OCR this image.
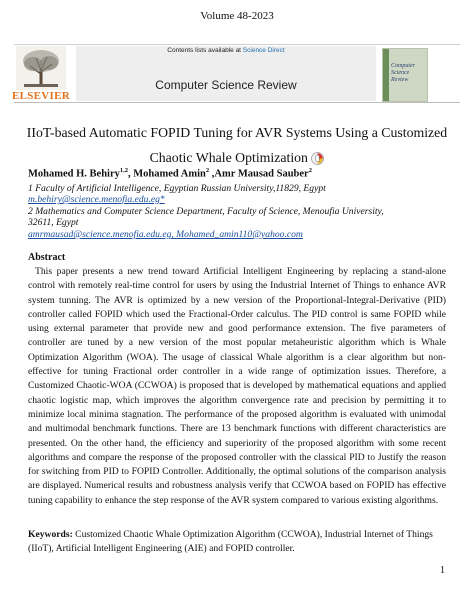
Volume 48-2023
ELSEVIER
Contents lists available at Science Direct
Computer Science Review
Computer
Science
Review
IIoT-based Automatic FOPID Tuning for AVR Systems Using a Customized Chaotic Whale Optimization
Mohamed H. Behiry$^{1,2}$, Mohamed Amin$^2$ ,Amr Mausad Sauber$^2$
1 Faculty of Artificial Intelligence, Egyptian Russian University,11829, Egypt
m.behiry@science.menofia.edu.eg*
2 Mathematics and Computer Science Department, Faculty of Science, Menoufia University,
32611, Egypt
amrmausad@science.menofia.edu.eg, Mohamed_amin110@yahoo.com
Abstract

This paper presents a new trend toward Artificial Intelligent Engineering by replacing a stand-alone control with remotely real-time control for users by using the Industrial Internet of Things to enhance AVR system tunning. The AVR is optimized by a new version of the Proportional-Integral-Derivative (PID) controller called FOPID which used the Fractional-Order calculus. The PID control is same FOPID while using external parameter that provide new and good performance extension. The five parameters of controller are tuned by a new version of the most popular metaheuristic algorithm which is Whale Optimization Algorithm (WOA). The usage of classical Whale algorithm is a clear algorithm but non-effective for tuning Fractional order controller in a wide range of optimization issues. Therefore, a Customized Chaotic-WOA (CCWOA) is proposed that is developed by mathematical equations and applied chaotic logistic map, which improves the algorithm convergence rate and precision by permitting it to minimize local minima stagnation. The performance of the proposed algorithm is evaluated with unimodal and multimodal benchmark functions. There are 13 benchmark functions with different characteristics are presented. On the other hand, the efficiency and superiority of the proposed algorithm with some recent algorithms and compare the response of the proposed controller with the classical PID to Justify the reason for switching from PID to FOPID Controller. Additionally, the optimal solutions of the comparison analysis are displayed. Numerical results and robustness analysis verify that CCWOA based on FOPID has effective tuning capability to enhance the step response of the AVR system compared to various existing algorithms.

Keywords: Customized Chaotic Whale Optimization Algorithm (CCWOA), Industrial Internet of Things (IIoT), Artificial Intelligent Engineering (AIE) and FOPID controller.

1
